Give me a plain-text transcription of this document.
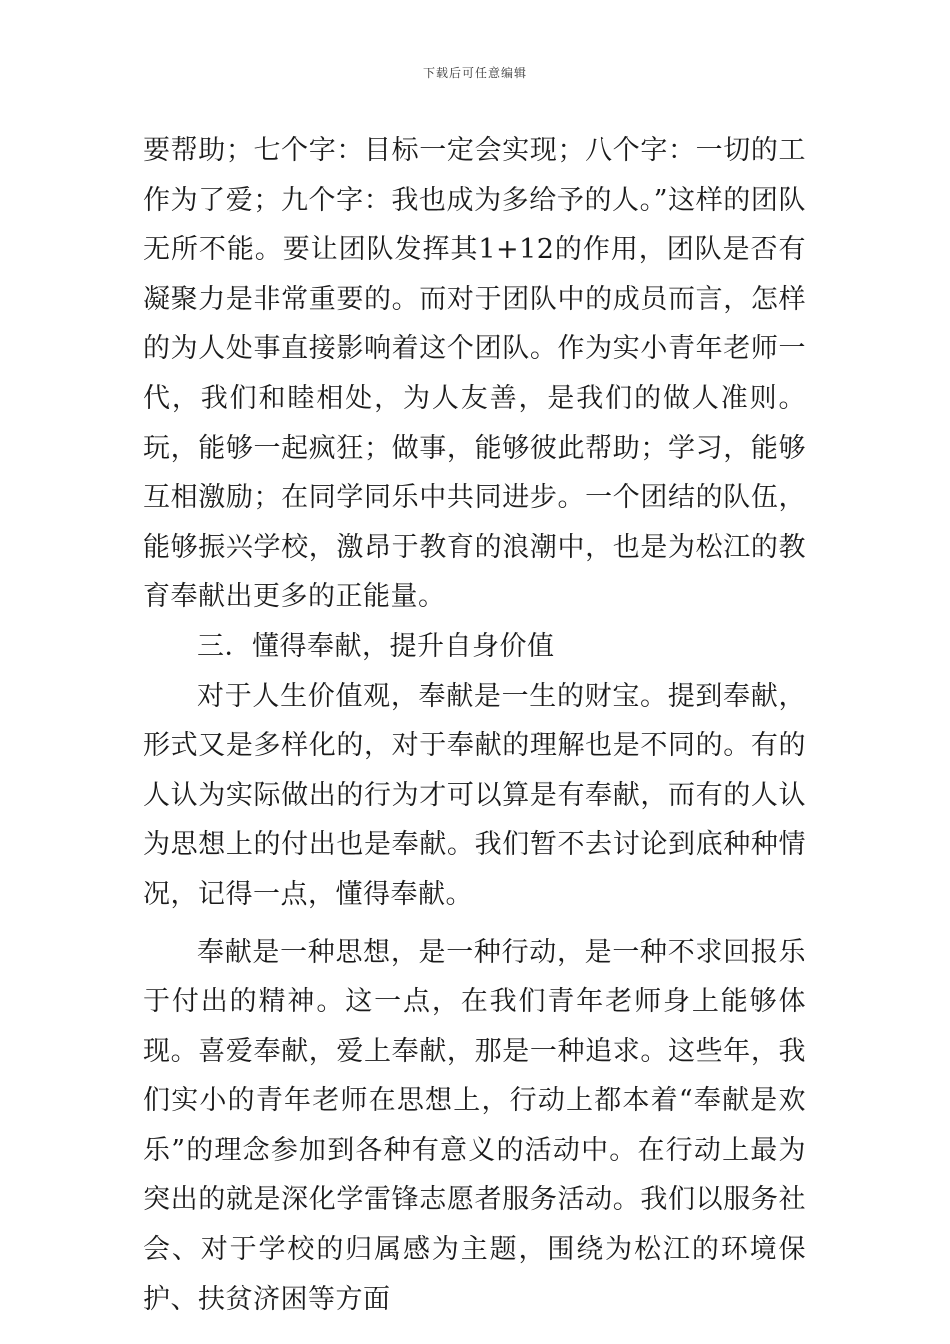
下载后可任意编辑

要帮助；七个字：目标一定会实现；八个字：一切的工作为了爱；九个字：我也成为多给予的人。”这样的团队无所不能。要让团队发挥其1+12的作用，团队是否有凝聚力是非常重要的。而对于团队中的成员而言，怎样的为人处事直接影响着这个团队。作为实小青年老师一代，我们和睦相处，为人友善，是我们的做人准则。玩，能够一起疯狂；做事，能够彼此帮助；学习，能够互相激励；在同学同乐中共同进步。一个团结的队伍，能够振兴学校，激昂于教育的浪潮中，也是为松江的教育奉献出更多的正能量。

三．懂得奉献，提升自身价值

对于人生价值观，奉献是一生的财宝。提到奉献，形式又是多样化的，对于奉献的理解也是不同的。有的人认为实际做出的行为才可以算是有奉献，而有的人认为思想上的付出也是奉献。我们暂不去讨论到底种种情况，记得一点，懂得奉献。

奉献是一种思想，是一种行动，是一种不求回报乐于付出的精神。这一点，在我们青年老师身上能够体现。喜爱奉献，爱上奉献，那是一种追求。这些年，我们实小的青年老师在思想上，行动上都本着“奉献是欢乐”的理念参加到各种有意义的活动中。在行动上最为突出的就是深化学雷锋志愿者服务活动。我们以服务社会、对于学校的归属感为主题，围绕为松江的环境保护、扶贫济困等方面
